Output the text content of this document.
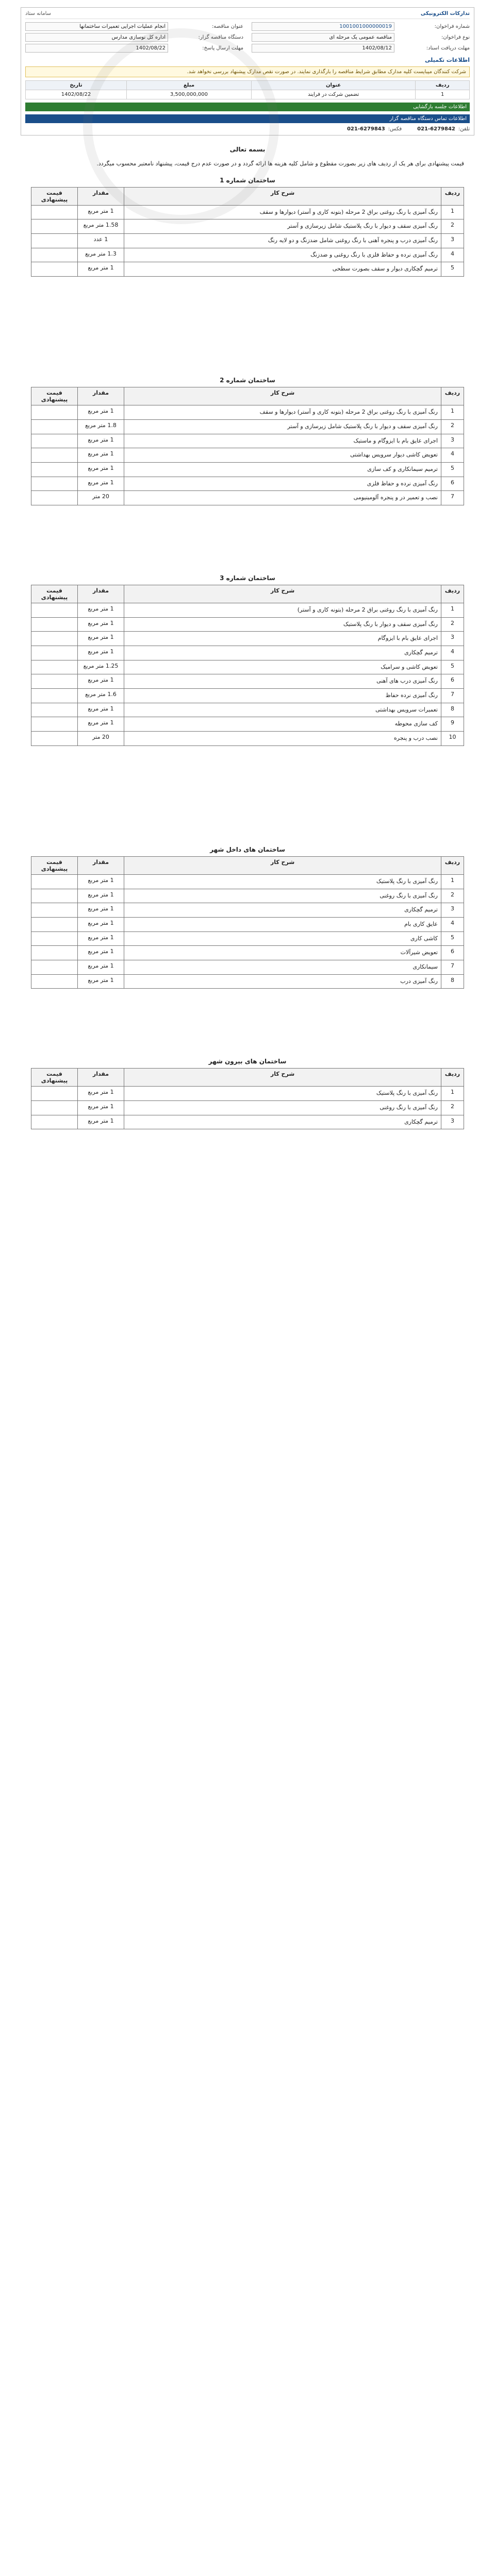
تدارکات الکترونیکی
سامانه ستاد
شماره فراخوان:
1001001000000019
عنوان مناقصه:
انجام عملیات اجرایی تعمیرات ساختمانها
نوع فراخوان:
مناقصه عمومی یک مرحله ای
دستگاه مناقصه گزار:
اداره کل نوسازی مدارس
مهلت دریافت اسناد:
1402/08/12
مهلت ارسال پاسخ:
1402/08/22
اطلاعات تکمیلی
شرکت کنندگان میبایست کلیه مدارک مطابق شرایط مناقصه را بارگذاری نمایند. در صورت نقص مدارک پیشنهاد بررسی نخواهد شد.
ردیف	عنوان	مبلغ	تاریخ
1	تضمین شرکت در فرایند	3,500,000,000	1402/08/22
اطلاعات جلسه بازگشایی
اطلاعات تماس دستگاه مناقصه گزار
تلفن:021-6279842
فکس:021-6279843
بسمه تعالی

قیمت پیشنهادی برای هر یک از ردیف های زیر بصورت مقطوع و شامل کلیه هزینه ها ارائه گردد و در صورت عدم درج قیمت، پیشنهاد نامعتبر محسوب میگردد.

ساختمان شماره 1
ردیف	شرح کار	مقدار	قیمت پیشنهادی
1	رنگ آمیزی با رنگ روغنی براق 2 مرحله (بتونه کاری و آستر) دیوارها و سقف	1 متر مربع	
2	رنگ آمیزی سقف و دیوار با رنگ پلاستیک شامل زیرسازی و آستر	1.58 متر مربع	
3	رنگ آمیزی درب و پنجره آهنی با رنگ روغنی شامل ضدزنگ و دو لایه رنگ	1 عدد	
4	رنگ آمیزی نرده و حفاظ فلزی با رنگ روغنی و ضدزنگ	1.3 متر مربع	
5	ترمیم گچکاری دیوار و سقف بصورت سطحی	1 متر مربع	
ساختمان شماره 2
ردیف	شرح کار	مقدار	قیمت پیشنهادی
1	رنگ آمیزی با رنگ روغنی براق 2 مرحله (بتونه کاری و آستر) دیوارها و سقف	1 متر مربع	
2	رنگ آمیزی سقف و دیوار با رنگ پلاستیک شامل زیرسازی و آستر	1.8 متر مربع	
3	اجرای عایق بام با ایزوگام و ماستیک	1 متر مربع	
4	تعویض کاشی دیوار سرویس بهداشتی	1 متر مربع	
5	ترمیم سیمانکاری و کف سازی	1 متر مربع	
6	رنگ آمیزی نرده و حفاظ فلزی	1 متر مربع	
7	نصب و تعمیر در و پنجره آلومینیومی	20 متر	
ساختمان شماره 3
ردیف	شرح کار	مقدار	قیمت پیشنهادی
1	رنگ آمیزی با رنگ روغنی براق 2 مرحله (بتونه کاری و آستر)	1 متر مربع	
2	رنگ آمیزی سقف و دیوار با رنگ پلاستیک	1 متر مربع	
3	اجرای عایق بام با ایزوگام	1 متر مربع	
4	ترمیم گچکاری	1 متر مربع	
5	تعویض کاشی و سرامیک	1.25 متر مربع	
6	رنگ آمیزی درب های آهنی	1 متر مربع	
7	رنگ آمیزی نرده حفاظ	1.6 متر مربع	
8	تعمیرات سرویس بهداشتی	1 متر مربع	
9	کف سازی محوطه	1 متر مربع	
10	نصب درب و پنجره	20 متر	
ساختمان های داخل شهر
ردیف	شرح کار	مقدار	قیمت پیشنهادی
1	رنگ آمیزی با رنگ پلاستیک	1 متر مربع	
2	رنگ آمیزی با رنگ روغنی	1 متر مربع	
3	ترمیم گچکاری	1 متر مربع	
4	عایق کاری بام	1 متر مربع	
5	کاشی کاری	1 متر مربع	
6	تعویض شیرآلات	1 متر مربع	
7	سیمانکاری	1 متر مربع	
8	رنگ آمیزی درب	1 متر مربع	
ساختمان های بیرون شهر
ردیف	شرح کار	مقدار	قیمت پیشنهادی
1	رنگ آمیزی با رنگ پلاستیک	1 متر مربع	
2	رنگ آمیزی با رنگ روغنی	1 متر مربع	
3	ترمیم گچکاری	1 متر مربع	
